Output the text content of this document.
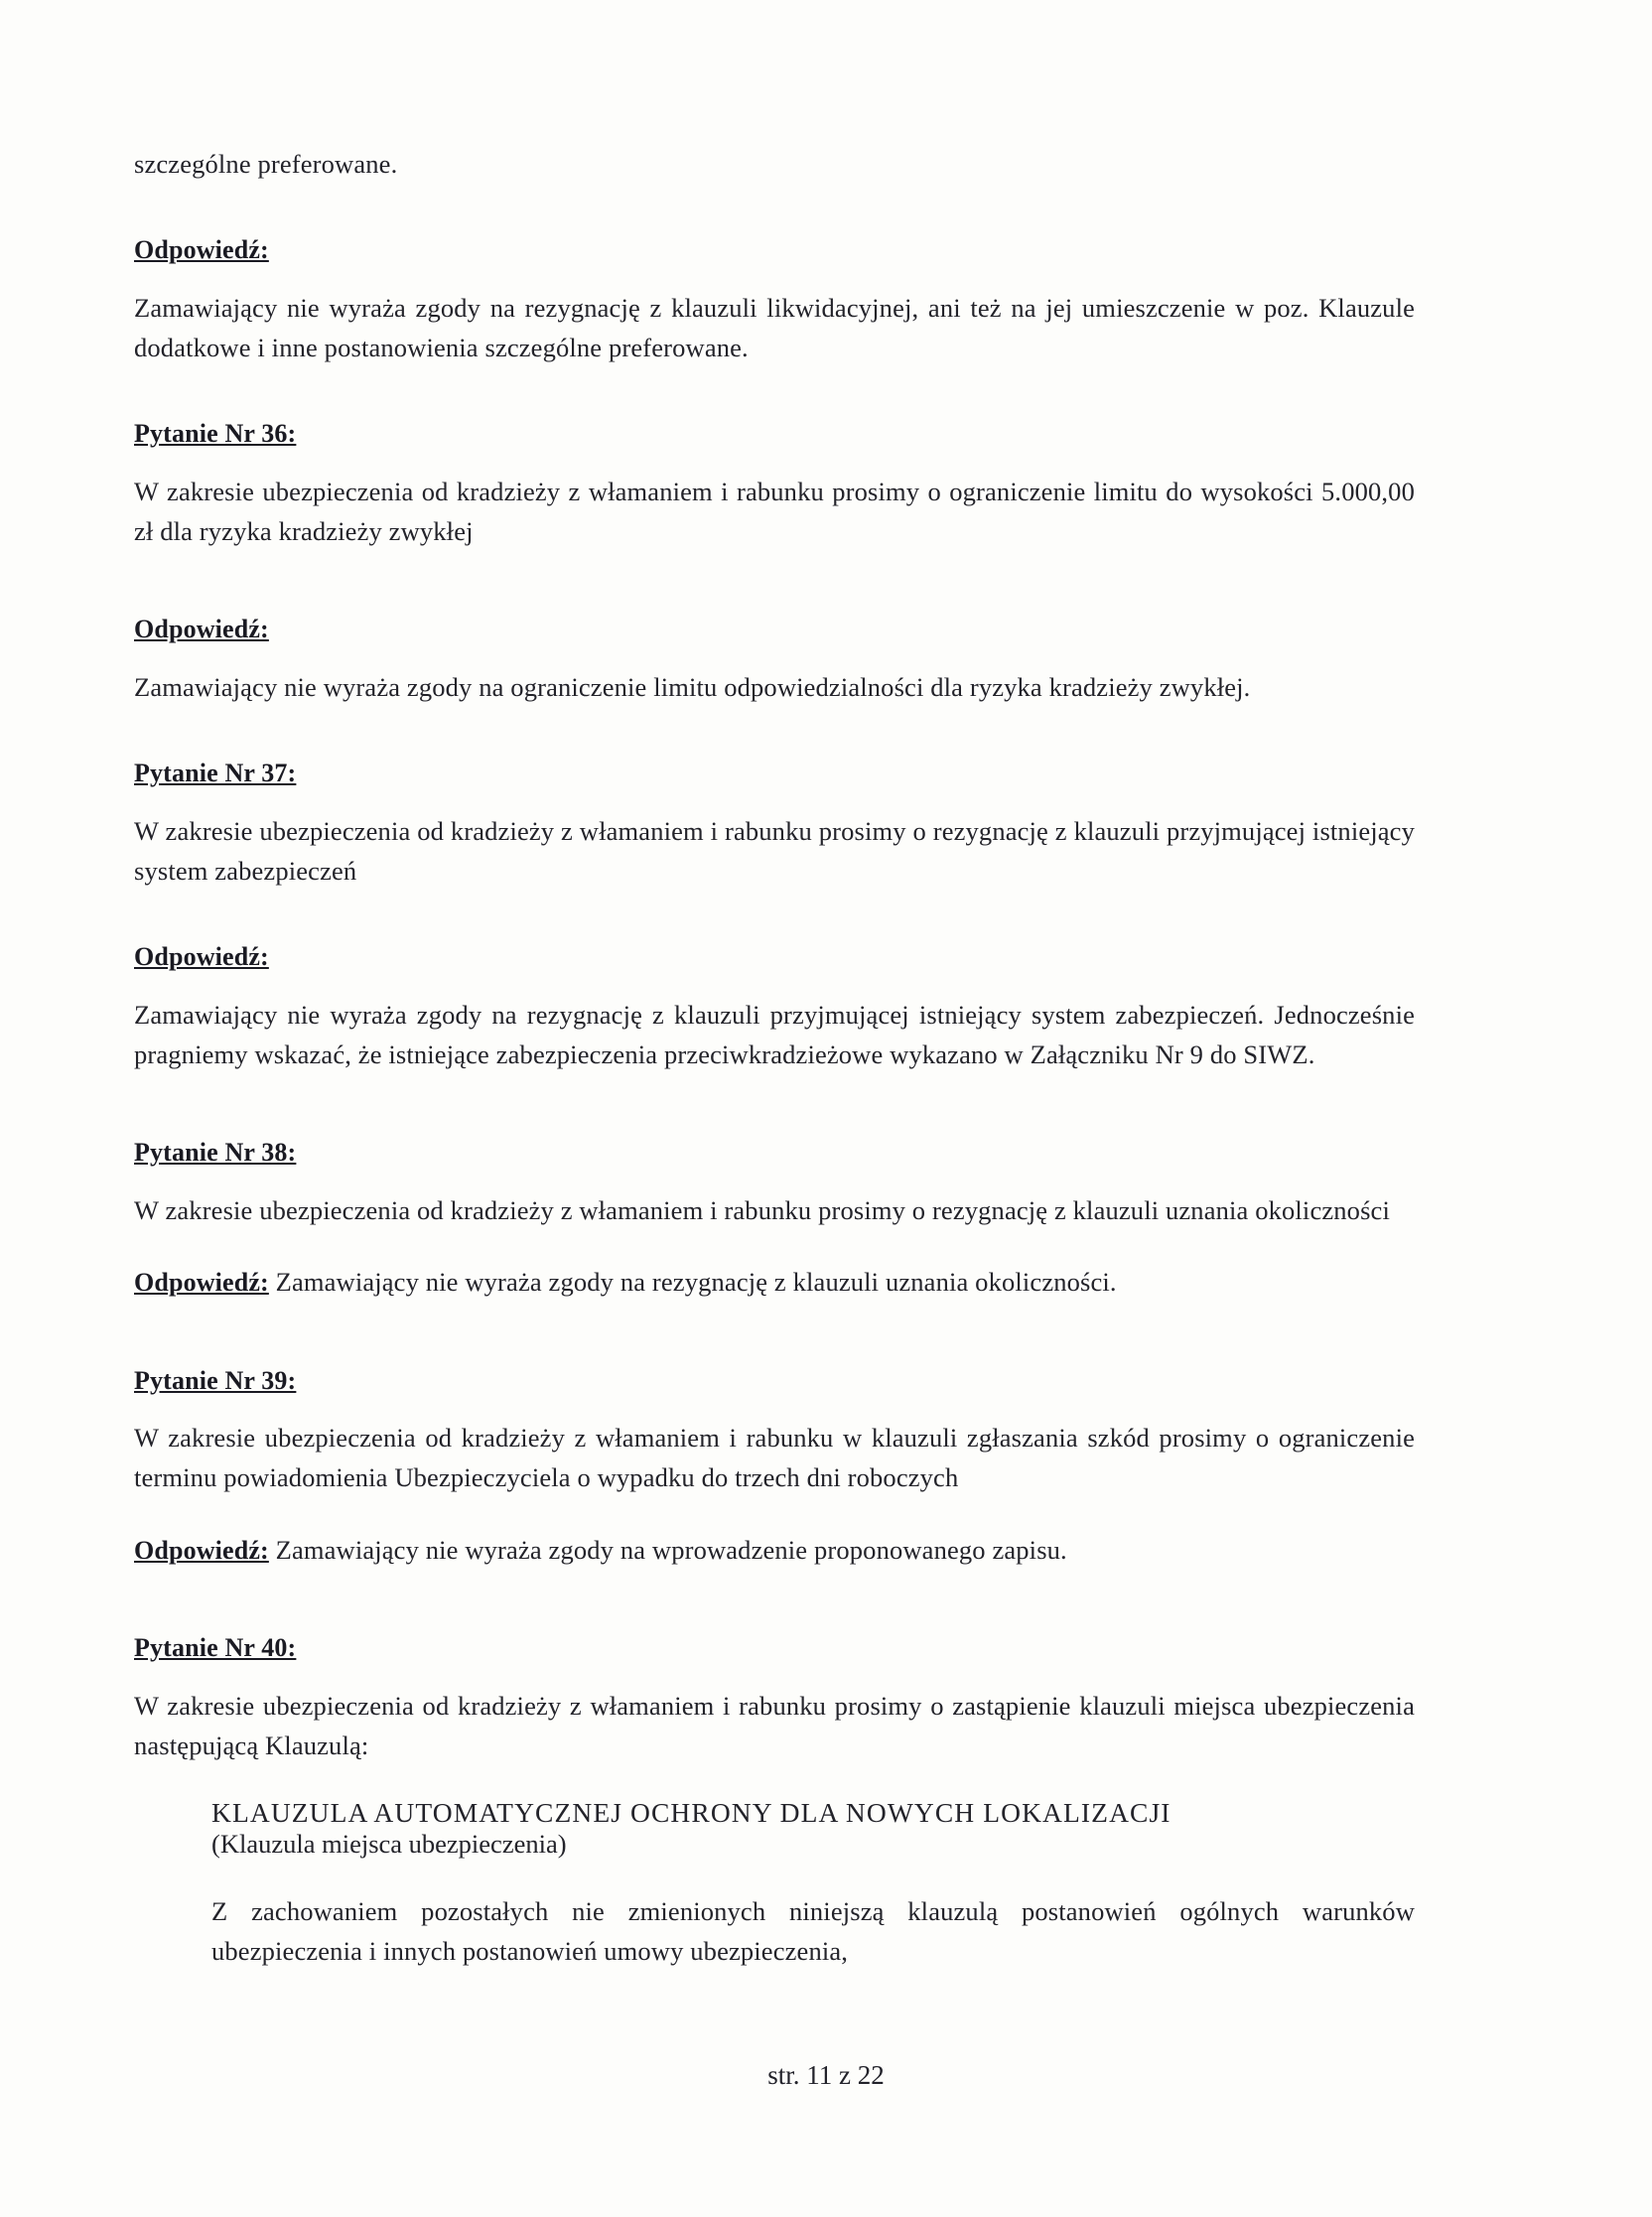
szczególne preferowane.

Odpowiedź:

Zamawiający nie wyraża zgody na rezygnację z klauzuli likwidacyjnej, ani też na jej umieszczenie w poz. Klauzule dodatkowe i inne postanowienia szczególne preferowane.

Pytanie Nr 36:

W zakresie ubezpieczenia od kradzieży z włamaniem i rabunku prosimy o ograniczenie limitu do wysokości 5.000,00 zł dla ryzyka kradzieży zwykłej

Odpowiedź:

Zamawiający nie wyraża zgody na ograniczenie limitu odpowiedzialności dla ryzyka kradzieży zwykłej.

Pytanie Nr 37:

W zakresie ubezpieczenia od kradzieży z włamaniem i rabunku prosimy o rezygnację z klauzuli przyjmującej istniejący system zabezpieczeń

Odpowiedź:

Zamawiający nie wyraża zgody na rezygnację z klauzuli przyjmującej istniejący system zabezpieczeń. Jednocześnie pragniemy wskazać, że istniejące zabezpieczenia przeciwkradzieżowe wykazano w Załączniku Nr 9 do SIWZ.

Pytanie Nr 38:

W zakresie ubezpieczenia od kradzieży z włamaniem i rabunku prosimy o rezygnację z klauzuli uznania okoliczności

Odpowiedź: Zamawiający nie wyraża zgody na rezygnację z klauzuli uznania okoliczności.

Pytanie Nr 39:

W zakresie ubezpieczenia od kradzieży z włamaniem i rabunku w klauzuli zgłaszania szkód prosimy o ograniczenie terminu powiadomienia Ubezpieczyciela o wypadku do trzech dni roboczych

Odpowiedź: Zamawiający nie wyraża zgody na wprowadzenie proponowanego zapisu.

Pytanie Nr 40:

W zakresie ubezpieczenia od kradzieży z włamaniem i rabunku prosimy o zastąpienie klauzuli miejsca ubezpieczenia następującą Klauzulą:

KLAUZULA AUTOMATYCZNEJ OCHRONY DLA NOWYCH LOKALIZACJI

(Klauzula miejsca ubezpieczenia)

Z zachowaniem pozostałych nie zmienionych niniejszą klauzulą postanowień ogólnych warunków ubezpieczenia i innych postanowień umowy ubezpieczenia,

str. 11 z 22
